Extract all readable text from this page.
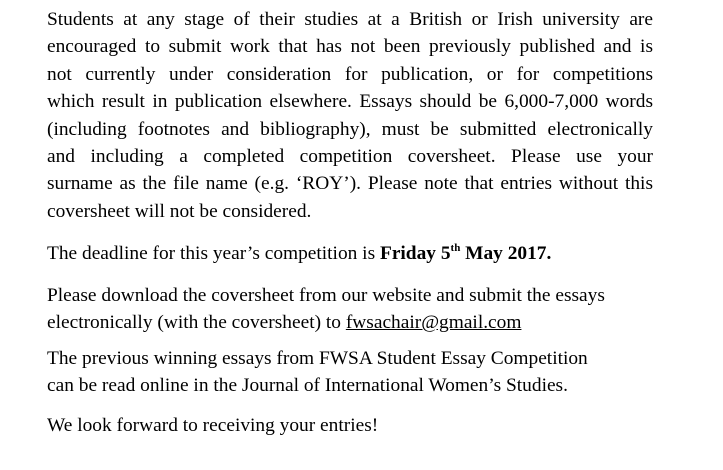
Students at any stage of their studies at a British or Irish university are
encouraged to submit work that has not been previously published and is
not currently under consideration for publication, or for competitions
which result in publication elsewhere. Essays should be 6,000-7,000 words
(including footnotes and bibliography), must be submitted electronically
and including a completed competition coversheet. Please use your
surname as the file name (e.g. ‘ROY’). Please note that entries without this
coversheet will not be considered.

The deadline for this year’s competition is Friday 5th May 2017.

Please download the coversheet from our website and submit the essays
electronically (with the coversheet) to fwsachair@gmail.com

The previous winning essays from FWSA Student Essay Competition
can be read online in the Journal of International Women’s Studies.

We look forward to receiving your entries!
